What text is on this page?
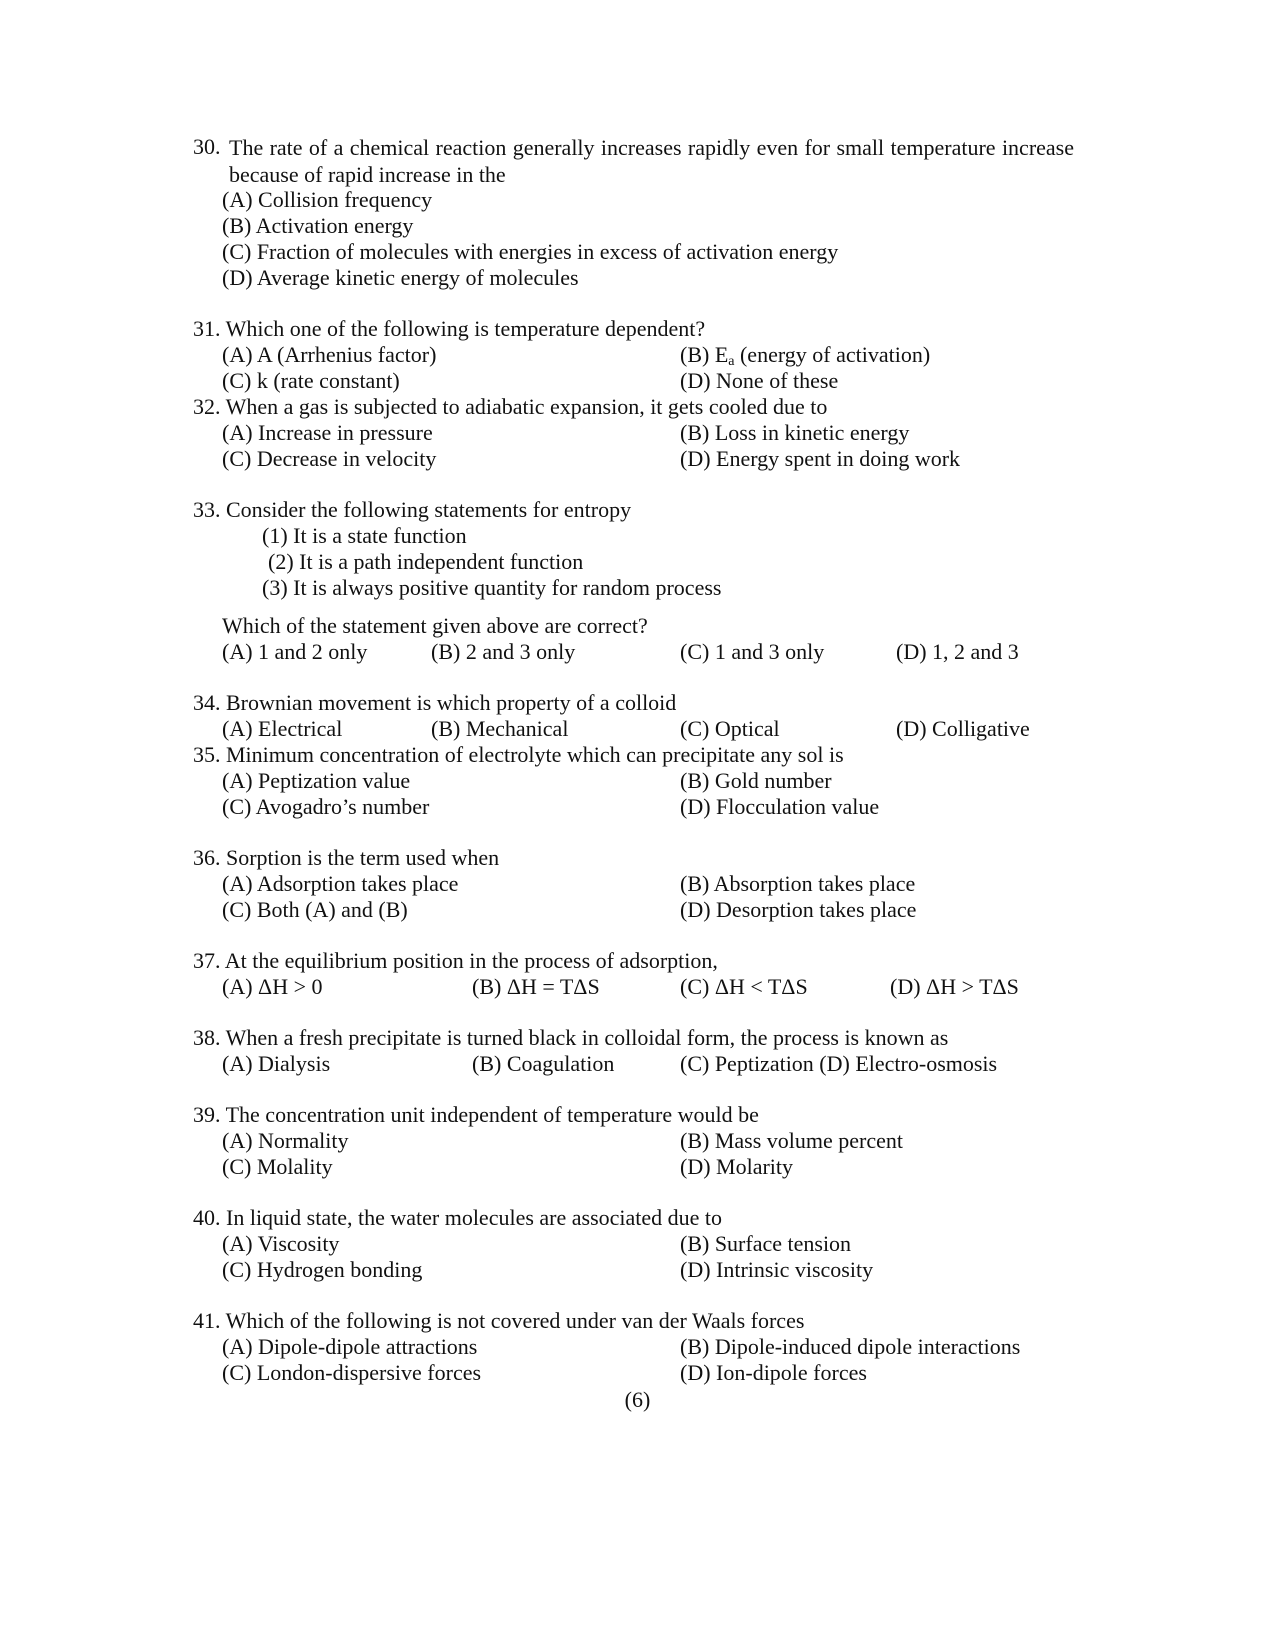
30. The rate of a chemical reaction generally increases rapidly even for small temperature increase because of rapid increase in the
(A) Collision frequency
(B) Activation energy
(C) Fraction of molecules with energies in excess of activation energy
(D) Average kinetic energy of molecules
31. Which one of the following is temperature dependent?
(A) A (Arrhenius factor)	(B) $E_a$ (energy of activation)
(C) k (rate constant)	(D) None of these
32. When a gas is subjected to adiabatic expansion, it gets cooled due to
(A) Increase in pressure	(B) Loss in kinetic energy
(C) Decrease in velocity	(D) Energy spent in doing work
33. Consider the following statements for entropy
(1) It is a state function
(2) It is a path independent function
(3) It is always positive quantity for random process
Which of the statement given above are correct?
(A) 1 and 2 only	(B) 2 and 3 only	(C) 1 and 3 only	(D) 1, 2 and 3
34. Brownian movement is which property of a colloid
(A) Electrical	(B) Mechanical	(C) Optical	(D) Colligative
35. Minimum concentration of electrolyte which can precipitate any sol is
(A) Peptization value	(B) Gold number
(C) Avogadro’s number	(D) Flocculation value
36. Sorption is the term used when
(A) Adsorption takes place	(B) Absorption takes place
(C) Both (A) and (B)	(D) Desorption takes place
37. At the equilibrium position in the process of adsorption,
(A) ΔH > 0	(B) ΔH = TΔS	(C) ΔH < TΔS	(D) ΔH > TΔS
38. When a fresh precipitate is turned black in colloidal form, the process is known as
(A) Dialysis	(B) Coagulation	(C) Peptization (D) Electro-osmosis
39. The concentration unit independent of temperature would be
(A) Normality	(B) Mass volume percent
(C) Molality	(D) Molarity
40. In liquid state, the water molecules are associated due to
(A) Viscosity	(B) Surface tension
(C) Hydrogen bonding	(D) Intrinsic viscosity
41. Which of the following is not covered under van der Waals forces
(A) Dipole-dipole attractions	(B) Dipole-induced dipole interactions
(C) London-dispersive forces	(D) Ion-dipole forces
(6)
